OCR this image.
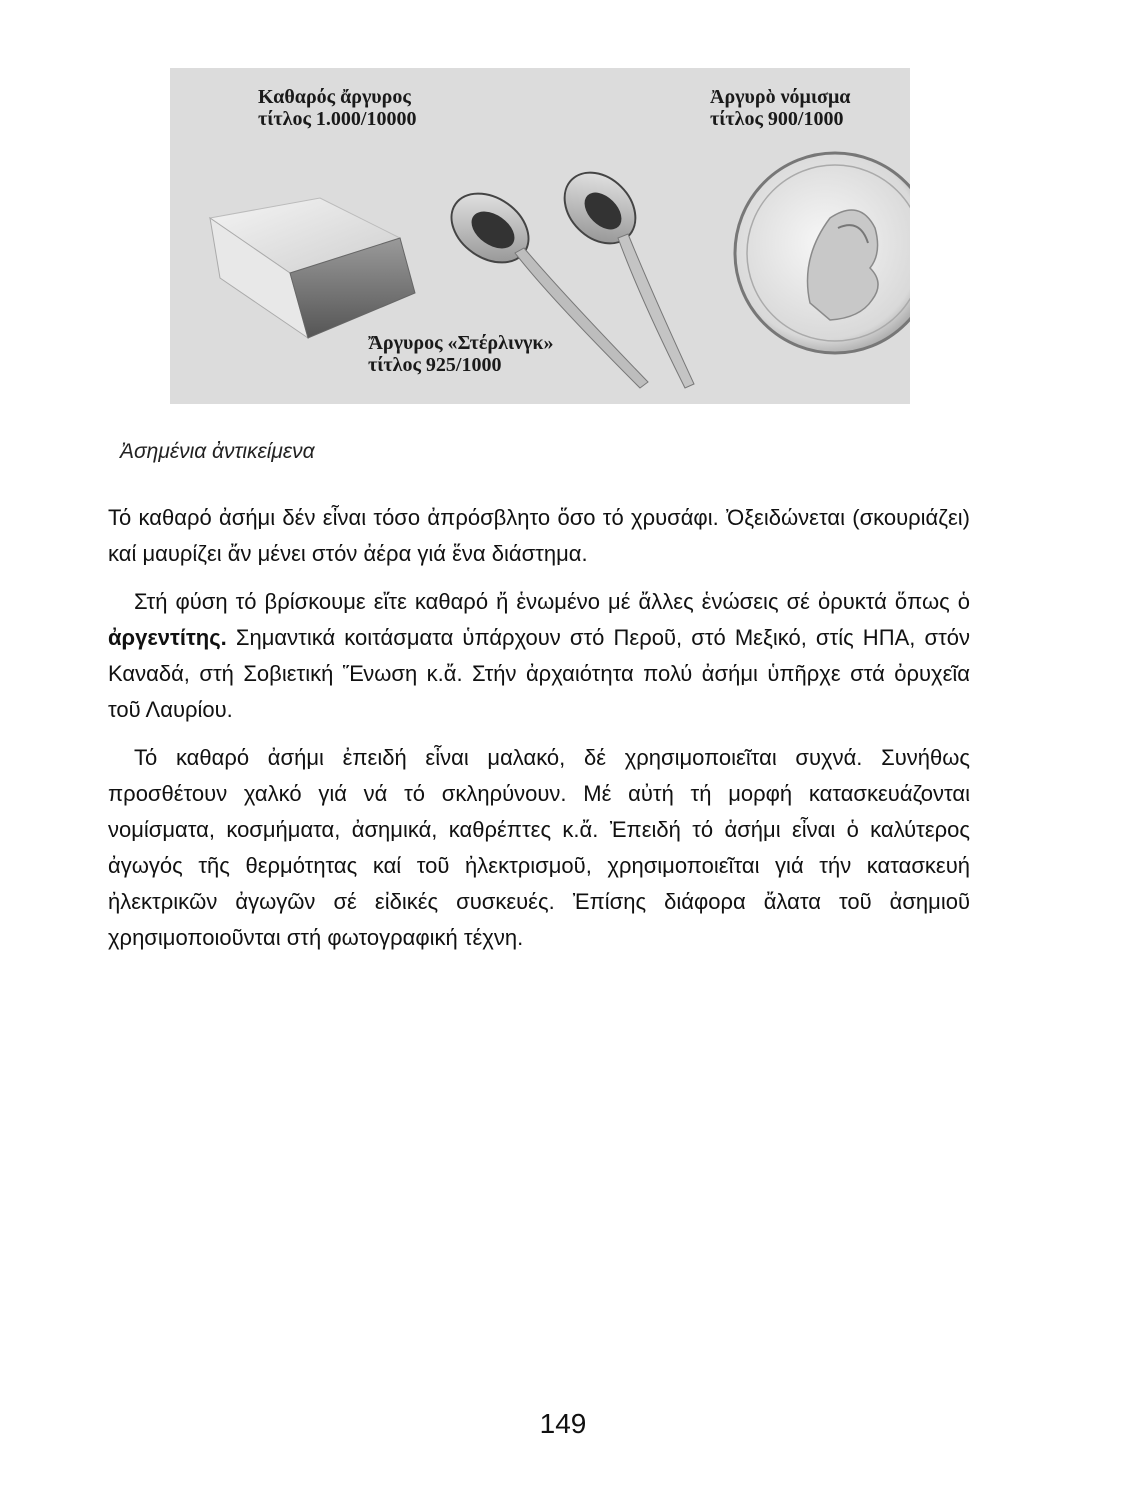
Καθαρός ἄργυρος
τίτλος 1.000/10000
Ἀργυρὸ νόμισμα
τίτλος 900/1000
Ἄργυρος «Στέρλινγκ»
τίτλος 925/1000
Ἀσημένια ἀντικείμενα

Τό καθαρό ἀσήμι δέν εἶναι τόσο ἀπρόσβλητο ὅσο τό χρυσάφι. Ὀξειδώνεται (σκουριάζει) καί μαυρίζει ἄν μένει στόν ἀέρα γιά ἕνα διάστημα.

Στή φύση τό βρίσκουμε εἴτε καθαρό ἤ ἑνωμένο μέ ἄλλες ἑνώσεις σέ ὀρυκτά ὅπως ὁ ἀργεντίτης. Σημαντικά κοιτάσματα ὑπάρχουν στό Περοῦ, στό Μεξικό, στίς ΗΠΑ, στόν Καναδά, στή Σοβιετική Ἕνωση κ.ἄ. Στήν ἀρχαιότητα πολύ ἀσήμι ὑπῆρχε στά ὀρυχεῖα τοῦ Λαυρίου.

Τό καθαρό ἀσήμι ἐπειδή εἶναι μαλακό, δέ χρησιμοποιεῖται συχνά. Συνήθως προσθέτουν χαλκό γιά νά τό σκληρύνουν. Μέ αὐτή τή μορφή κατασκευάζονται νομίσματα, κοσμήματα, ἀσημικά, καθρέπτες κ.ἄ. Ἐπειδή τό ἀσήμι εἶναι ὁ καλύτερος ἀγωγός τῆς θερμότητας καί τοῦ ἠλεκτρισμοῦ, χρησιμοποιεῖται γιά τήν κατασκευή ἠλεκτρικῶν ἀγωγῶν σέ εἰδικές συσκευές. Ἐπίσης διάφορα ἄλατα τοῦ ἀσημιοῦ χρησιμοποιοῦνται στή φωτογραφική τέχνη.

149
